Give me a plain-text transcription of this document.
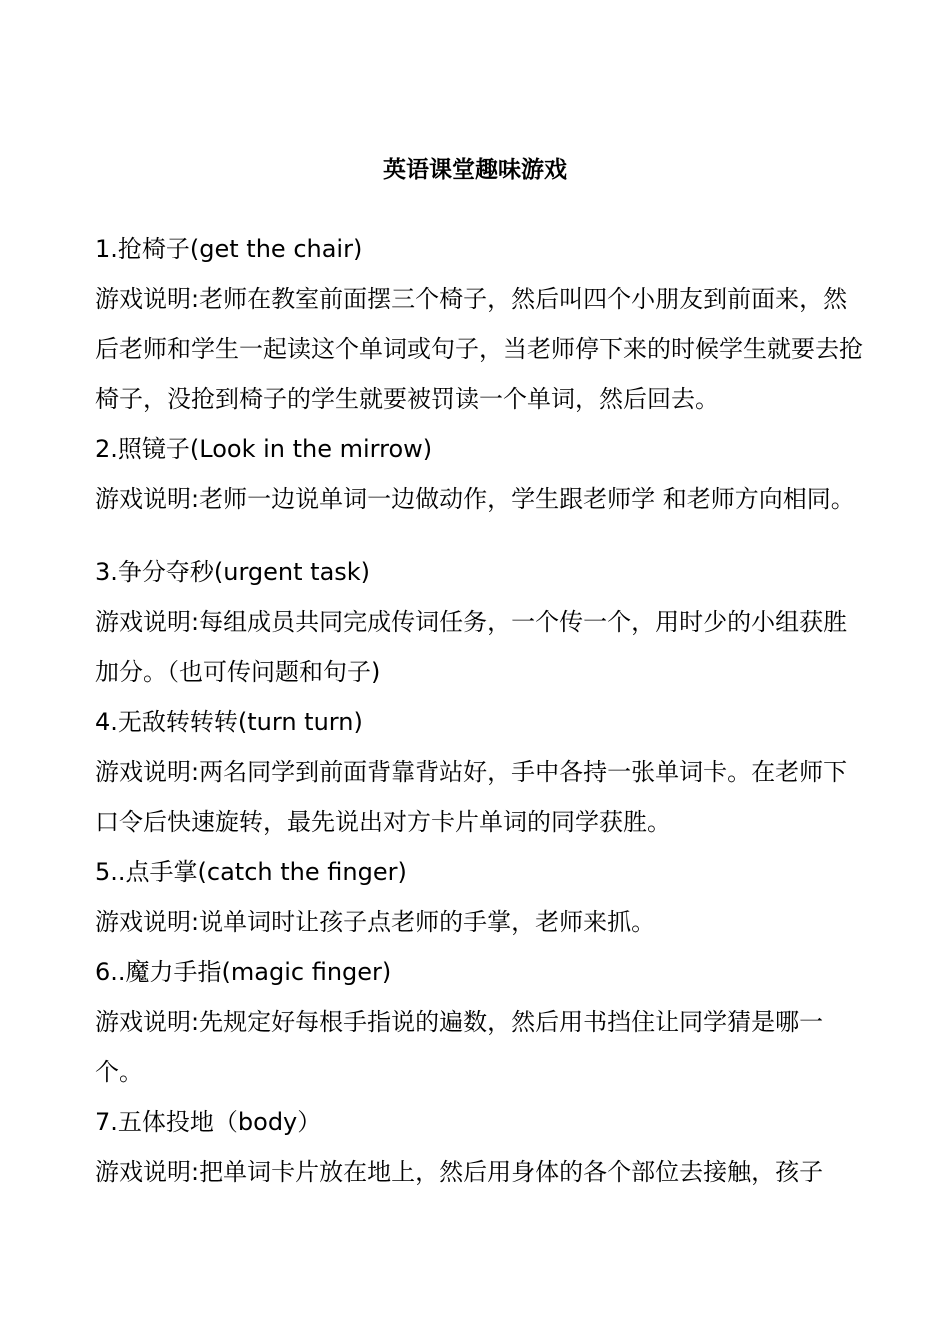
英语课堂趣味游戏

1.抢椅子(get the chair)

游戏说明:老师在教室前面摆三个椅子，然后叫四个小朋友到前面来，然后老师和学生一起读这个单词或句子，当老师停下来的时候学生就要去抢椅子，没抢到椅子的学生就要被罚读一个单词，然后回去。

2.照镜子(Look in the mirrow)

游戏说明:老师一边说单词一边做动作，学生跟老师学 和老师方向相同。

3.争分夺秒(urgent task)

游戏说明:每组成员共同完成传词任务，一个传一个，用时少的小组获胜加分。（也可传问题和句子)

4.无敌转转转(turn turn)

游戏说明:两名同学到前面背靠背站好，手中各持一张单词卡。在老师下口令后快速旋转，最先说出对方卡片单词的同学获胜。

5..点手掌(catch the finger)

游戏说明:说单词时让孩子点老师的手掌，老师来抓。

6..魔力手指(magic finger)

游戏说明:先规定好每根手指说的遍数，然后用书挡住让同学猜是哪一个。

7.五体投地（body）

游戏说明:把单词卡片放在地上，然后用身体的各个部位去接触，孩子
